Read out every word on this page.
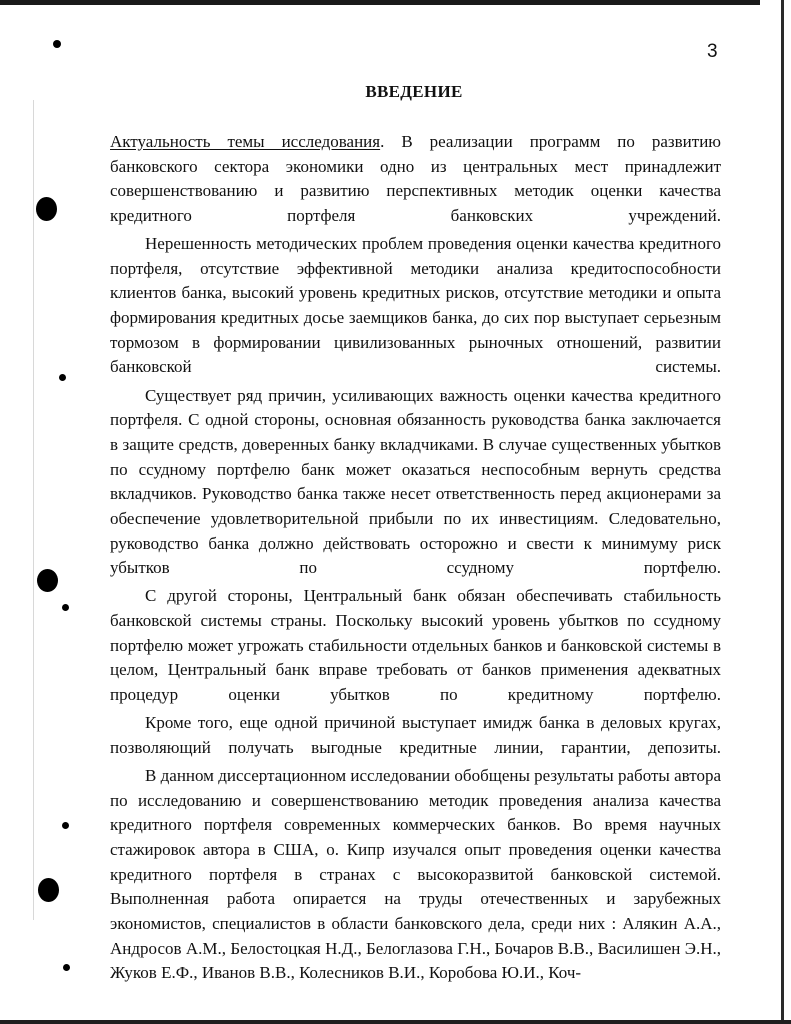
3
ВВЕДЕНИЕ

Актуальность темы исследования. В реализации программ по развитию банковского сектора экономики одно из центральных мест принадлежит совершенствованию и развитию перспективных методик оценки качества кредитного портфеля банковских учреждений.

Нерешенность методических проблем проведения оценки качества кредитного портфеля, отсутствие эффективной методики анализа кредитоспособности клиентов банка, высокий уровень кредитных рисков, отсутствие методики и опыта формирования кредитных досье заемщиков банка, до сих пор выступает серьезным тормозом в формировании цивилизованных рыночных отношений, развитии банковской системы.

Существует ряд причин, усиливающих важность оценки качества кредитного портфеля. С одной стороны, основная обязанность руководства банка заключается в защите средств, доверенных банку вкладчиками. В случае существенных убытков по ссудному портфелю банк может оказаться неспособным вернуть средства вкладчиков. Руководство банка также несет ответственность перед акционерами за обеспечение удовлетворительной прибыли по их инвестициям. Следовательно, руководство банка должно действовать осторожно и свести к минимуму риск убытков по ссудному портфелю.

С другой стороны, Центральный банк обязан обеспечивать стабильность банковской системы страны. Поскольку высокий уровень убытков по ссудному портфелю может угрожать стабильности отдельных банков и банковской системы в целом, Центральный банк вправе требовать от банков применения адекватных процедур оценки убытков по кредитному портфелю.

Кроме того, еще одной причиной выступает имидж банка в деловых кругах, позволяющий получать выгодные кредитные линии, гарантии, депозиты.

В данном диссертационном исследовании обобщены результаты работы автора по исследованию и совершенствованию методик проведения анализа качества кредитного портфеля современных коммерческих банков. Во время научных стажировок автора в США, о. Кипр изучался опыт проведения оценки качества кредитного портфеля в странах с высокоразвитой банковской системой. Выполненная работа опирается на труды отечественных и зарубежных экономистов, специалистов в области банковского дела, среди них : Алякин А.А., Андросов А.М., Белостоцкая Н.Д., Белоглазова Г.Н., Бочаров В.В., Василишен Э.Н., Жуков Е.Ф., Иванов В.В., Колесников В.И., Коробова Ю.И., Коч-
